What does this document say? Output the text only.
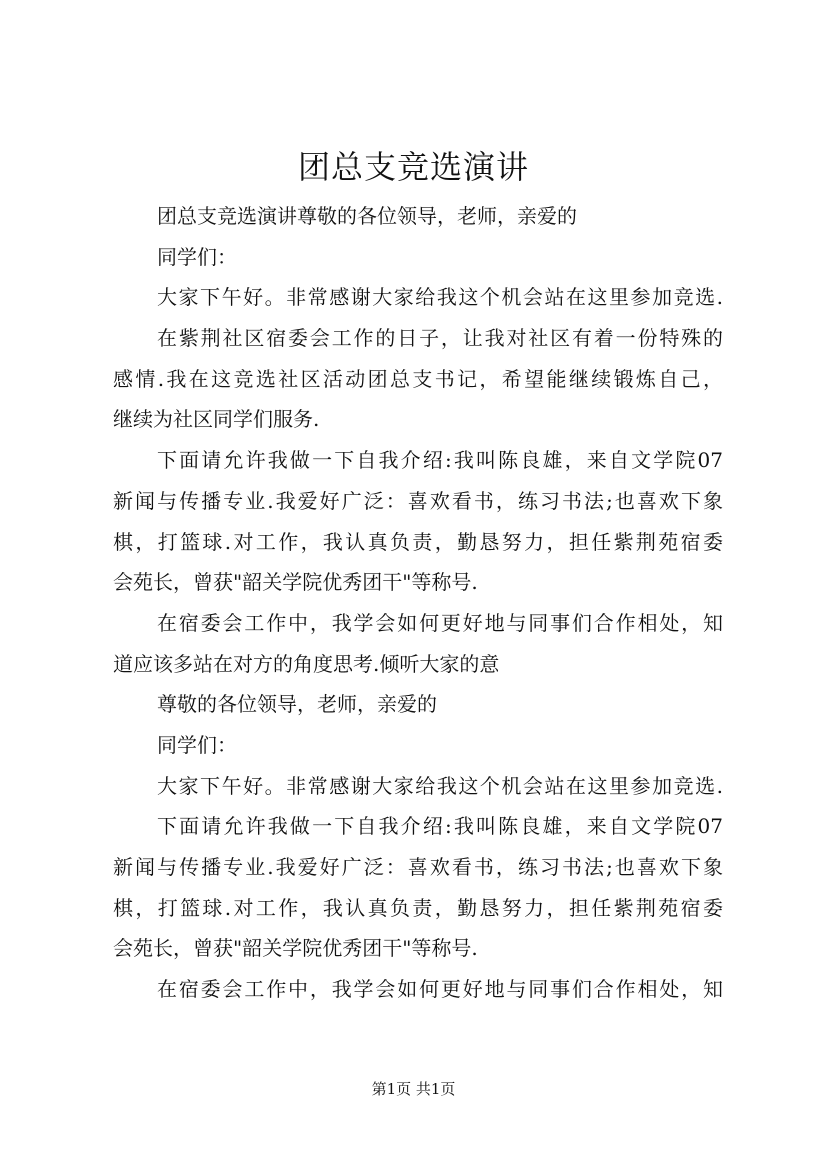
团总支竞选演讲
团总支竞选演讲尊敬的各位领导，老师，亲爱的
同学们：
大家下午好。非常感谢大家给我这个机会站在这里参加竞选.
在紫荆社区宿委会工作的日子，让我对社区有着一份特殊的
感情.我在这竞选社区活动团总支书记，希望能继续锻炼自己，
继续为社区同学们服务.
下面请允许我做一下自我介绍:我叫陈良雄，来自文学院07
新闻与传播专业.我爱好广泛：喜欢看书，练习书法;也喜欢下象
棋，打篮球.对工作，我认真负责，勤恳努力，担任紫荆苑宿委
会苑长，曾获"韶关学院优秀团干"等称号.
在宿委会工作中，我学会如何更好地与同事们合作相处，知
道应该多站在对方的角度思考.倾听大家的意
尊敬的各位领导，老师，亲爱的
同学们：
大家下午好。非常感谢大家给我这个机会站在这里参加竞选.
下面请允许我做一下自我介绍:我叫陈良雄，来自文学院07
新闻与传播专业.我爱好广泛：喜欢看书，练习书法;也喜欢下象
棋，打篮球.对工作，我认真负责，勤恳努力，担任紫荆苑宿委
会苑长，曾获"韶关学院优秀团干"等称号.
在宿委会工作中，我学会如何更好地与同事们合作相处，知
第1页 共1页
